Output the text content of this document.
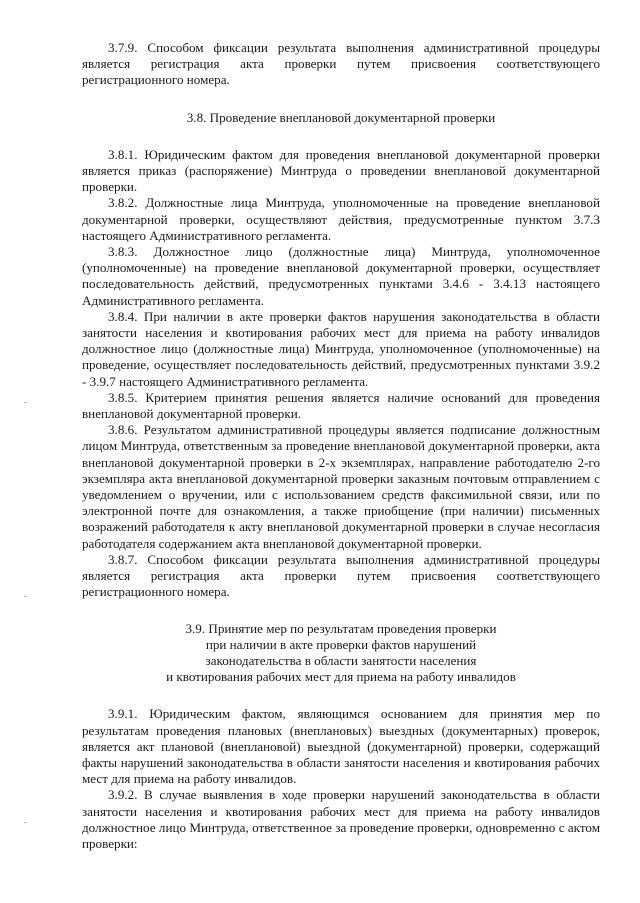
3.7.9. Способом фиксации результата выполнения административной процедуры является регистрация акта проверки путем присвоения соответствующего регистрационного номера.

3.8. Проведение внеплановой документарной проверки

3.8.1. Юридическим фактом для проведения внеплановой документарной проверки является приказ (распоряжение) Минтруда о проведении внеплановой документарной проверки.

3.8.2. Должностные лица Минтруда, уполномоченные на проведение внеплановой документарной проверки, осуществляют действия, предусмотренные пунктом 3.7.3 настоящего Административного регламента.

3.8.3. Должностное лицо (должностные лица) Минтруда, уполномоченное (уполномоченные) на проведение внеплановой документарной проверки, осуществляет последовательность действий, предусмотренных пунктами 3.4.6 - 3.4.13 настоящего Административного регламента.

3.8.4. При наличии в акте проверки фактов нарушения законодательства в области занятости населения и квотирования рабочих мест для приема на работу инвалидов должностное лицо (должностные лица) Минтруда, уполномоченное (уполномоченные) на проведение, осуществляет последовательность действий, предусмотренных пунктами 3.9.2 - 3.9.7 настоящего Административного регламента.

3.8.5. Критерием принятия решения является наличие оснований для проведения внеплановой документарной проверки.

3.8.6. Результатом административной процедуры является подписание должностным лицом Минтруда, ответственным за проведение внеплановой документарной проверки, акта внеплановой документарной проверки в 2-х экземплярах, направление работодателю 2-го экземпляра акта внеплановой документарной проверки заказным почтовым отправлением с уведомлением о вручении, или с использованием средств факсимильной связи, или по электронной почте для ознакомления, а также приобщение (при наличии) письменных возражений работодателя к акту внеплановой документарной проверки в случае несогласия работодателя содержанием акта внеплановой документарной проверки.

3.8.7. Способом фиксации результата выполнения административной процедуры является регистрация акта проверки путем присвоения соответствующего регистрационного номера.

3.9. Принятие мер по результатам проведения проверки
при наличии в акте проверки фактов нарушений
законодательства в области занятости населения
и квотирования рабочих мест для приема на работу инвалидов

3.9.1. Юридическим фактом, являющимся основанием для принятия мер по результатам проведения плановых (внеплановых) выездных (документарных) проверок, является акт плановой (внеплановой) выездной (документарной) проверки, содержащий факты нарушений законодательства в области занятости населения и квотирования рабочих мест для приема на работу инвалидов.

3.9.2. В случае выявления в ходе проверки нарушений законодательства в области занятости населения и квотирования рабочих мест для приема на работу инвалидов должностное лицо Минтруда, ответственное за проведение проверки, одновременно с актом проверки:
